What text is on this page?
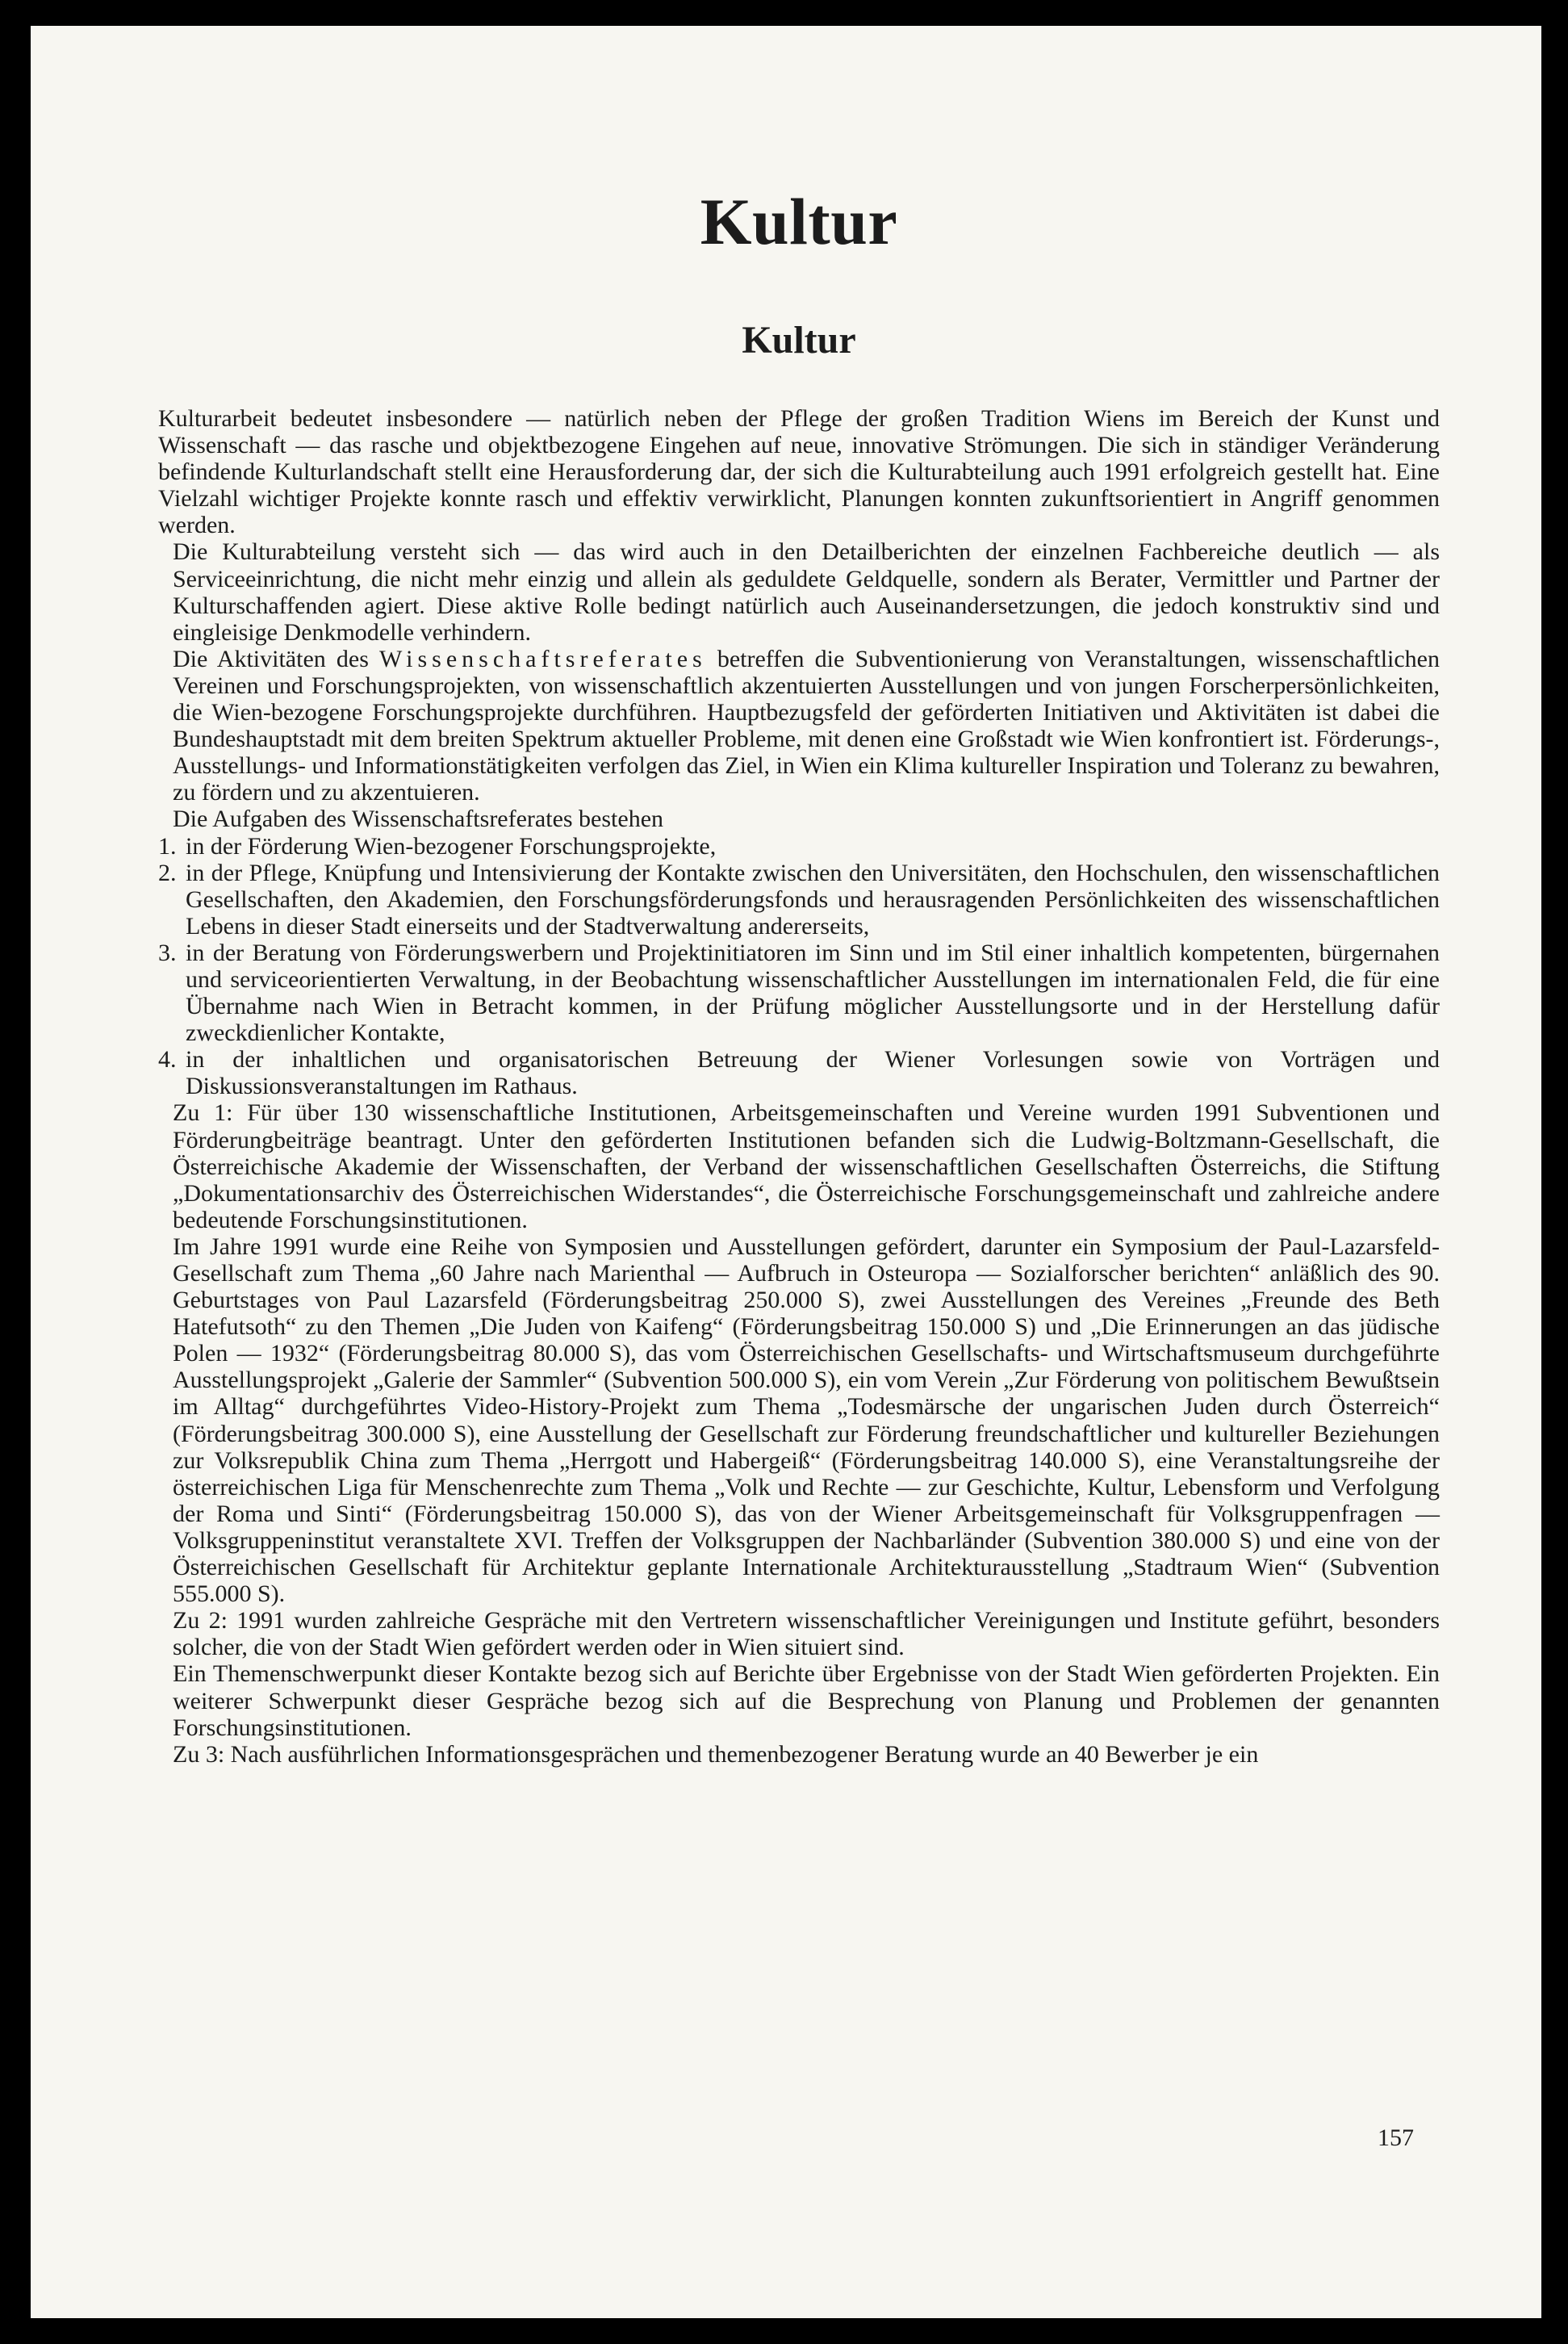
Kultur
Kultur

Kulturarbeit bedeutet insbesondere — natürlich neben der Pflege der großen Tradition Wiens im Bereich der Kunst und Wissenschaft — das rasche und objektbezogene Eingehen auf neue, innovative Strömungen. Die sich in ständiger Veränderung befindende Kulturlandschaft stellt eine Herausforderung dar, der sich die Kulturabteilung auch 1991 erfolgreich gestellt hat. Eine Vielzahl wichtiger Projekte konnte rasch und effektiv verwirklicht, Planungen konnten zukunftsorientiert in Angriff genommen werden.

Die Kulturabteilung versteht sich — das wird auch in den Detailberichten der einzelnen Fachbereiche deutlich — als Serviceeinrichtung, die nicht mehr einzig und allein als geduldete Geldquelle, sondern als Berater, Vermittler und Partner der Kulturschaffenden agiert. Diese aktive Rolle bedingt natürlich auch Auseinandersetzungen, die jedoch konstruktiv sind und eingleisige Denkmodelle verhindern.

Die Aktivitäten des Wissenschaftsreferates betreffen die Subventionierung von Veranstaltungen, wissenschaftlichen Vereinen und Forschungsprojekten, von wissenschaftlich akzentuierten Ausstellungen und von jungen Forscherpersönlichkeiten, die Wien-bezogene Forschungsprojekte durchführen. Hauptbezugsfeld der geförderten Initiativen und Aktivitäten ist dabei die Bundeshauptstadt mit dem breiten Spektrum aktueller Probleme, mit denen eine Großstadt wie Wien konfrontiert ist. Förderungs-, Ausstellungs- und Informationstätigkeiten verfolgen das Ziel, in Wien ein Klima kultureller Inspiration und Toleranz zu bewahren, zu fördern und zu akzentuieren.

Die Aufgaben des Wissenschaftsreferates bestehen

1. in der Förderung Wien-bezogener Forschungsprojekte,
2. in der Pflege, Knüpfung und Intensivierung der Kontakte zwischen den Universitäten, den Hochschulen, den wissenschaftlichen Gesellschaften, den Akademien, den Forschungsförderungsfonds und herausragenden Persönlichkeiten des wissenschaftlichen Lebens in dieser Stadt einerseits und der Stadtverwaltung andererseits,
3. in der Beratung von Förderungswerbern und Projektinitiatoren im Sinn und im Stil einer inhaltlich kompetenten, bürgernahen und serviceorientierten Verwaltung, in der Beobachtung wissenschaftlicher Ausstellungen im internationalen Feld, die für eine Übernahme nach Wien in Betracht kommen, in der Prüfung möglicher Ausstellungsorte und in der Herstellung dafür zweckdienlicher Kontakte,
4. in der inhaltlichen und organisatorischen Betreuung der Wiener Vorlesungen sowie von Vorträgen und Diskussionsveranstaltungen im Rathaus.

Zu 1: Für über 130 wissenschaftliche Institutionen, Arbeitsgemeinschaften und Vereine wurden 1991 Subventionen und Förderungbeiträge beantragt. Unter den geförderten Institutionen befanden sich die Ludwig-Boltzmann-Gesellschaft, die Österreichische Akademie der Wissenschaften, der Verband der wissenschaftlichen Gesellschaften Österreichs, die Stiftung „Dokumentationsarchiv des Österreichischen Widerstandes“, die Österreichische Forschungsgemeinschaft und zahlreiche andere bedeutende Forschungsinstitutionen.

Im Jahre 1991 wurde eine Reihe von Symposien und Ausstellungen gefördert, darunter ein Symposium der Paul-Lazarsfeld-Gesellschaft zum Thema „60 Jahre nach Marienthal — Aufbruch in Osteuropa — Sozialforscher berichten“ anläßlich des 90. Geburtstages von Paul Lazarsfeld (Förderungsbeitrag 250.000 S), zwei Ausstellungen des Vereines „Freunde des Beth Hatefutsoth“ zu den Themen „Die Juden von Kaifeng“ (Förderungsbeitrag 150.000 S) und „Die Erinnerungen an das jüdische Polen — 1932“ (Förderungsbeitrag 80.000 S), das vom Österreichischen Gesellschafts- und Wirtschaftsmuseum durchgeführte Ausstellungsprojekt „Galerie der Sammler“ (Subvention 500.000 S), ein vom Verein „Zur Förderung von politischem Bewußtsein im Alltag“ durchgeführtes Video-History-Projekt zum Thema „Todesmärsche der ungarischen Juden durch Österreich“ (Förderungsbeitrag 300.000 S), eine Ausstellung der Gesellschaft zur Förderung freundschaftlicher und kultureller Beziehungen zur Volksrepublik China zum Thema „Herrgott und Habergeiß“ (Förderungsbeitrag 140.000 S), eine Veranstaltungsreihe der österreichischen Liga für Menschenrechte zum Thema „Volk und Rechte — zur Geschichte, Kultur, Lebensform und Verfolgung der Roma und Sinti“ (Förderungsbeitrag 150.000 S), das von der Wiener Arbeitsgemeinschaft für Volksgruppenfragen — Volksgruppeninstitut veranstaltete XVI. Treffen der Volksgruppen der Nachbarländer (Subvention 380.000 S) und eine von der Österreichischen Gesellschaft für Architektur geplante Internationale Architekturausstellung „Stadtraum Wien“ (Subvention 555.000 S).

Zu 2: 1991 wurden zahlreiche Gespräche mit den Vertretern wissenschaftlicher Vereinigungen und Institute geführt, besonders solcher, die von der Stadt Wien gefördert werden oder in Wien situiert sind.

Ein Themenschwerpunkt dieser Kontakte bezog sich auf Berichte über Ergebnisse von der Stadt Wien geförderten Projekten. Ein weiterer Schwerpunkt dieser Gespräche bezog sich auf die Besprechung von Planung und Problemen der genannten Forschungsinstitutionen.

Zu 3: Nach ausführlichen Informationsgesprächen und themenbezogener Beratung wurde an 40 Bewerber je ein

157
